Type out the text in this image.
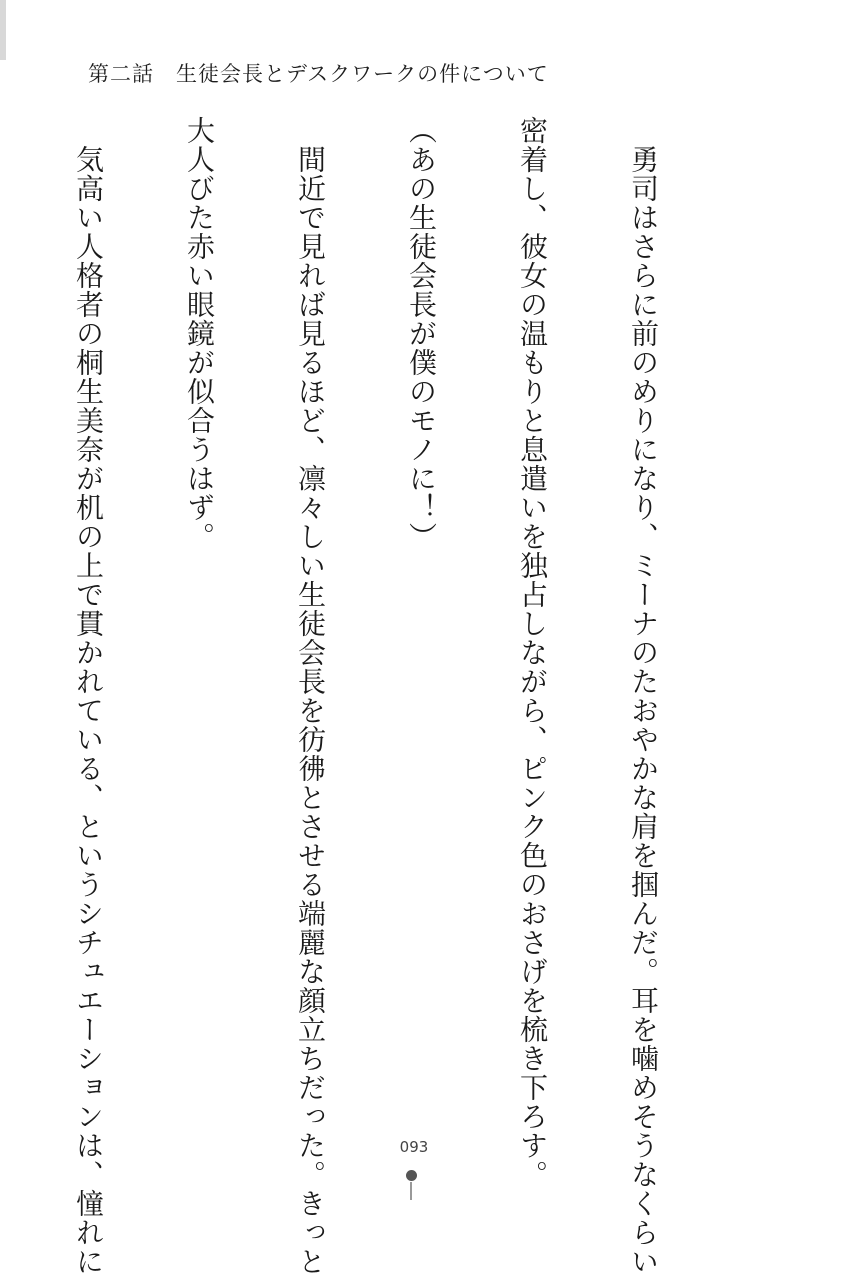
第二話　生徒会長とデスクワークの件について

　勇司はさらに前のめりになり、ミーナのたおやかな肩を掴んだ。耳を噛めそうなくらい

密着し、彼女の温もりと息遣いを独占しながら、ピンク色のおさげを梳き下ろす。

（あの生徒会長が僕のモノに！）

　間近で見れば見るほど、凛々しい生徒会長を彷彿とさせる端麗な顔立ちだった。きっと

大人びた赤い眼鏡が似合うはず。

　気高い人格者の桐生美奈が机の上で貫かれている、というシチュエーションは、憧れに

	093
